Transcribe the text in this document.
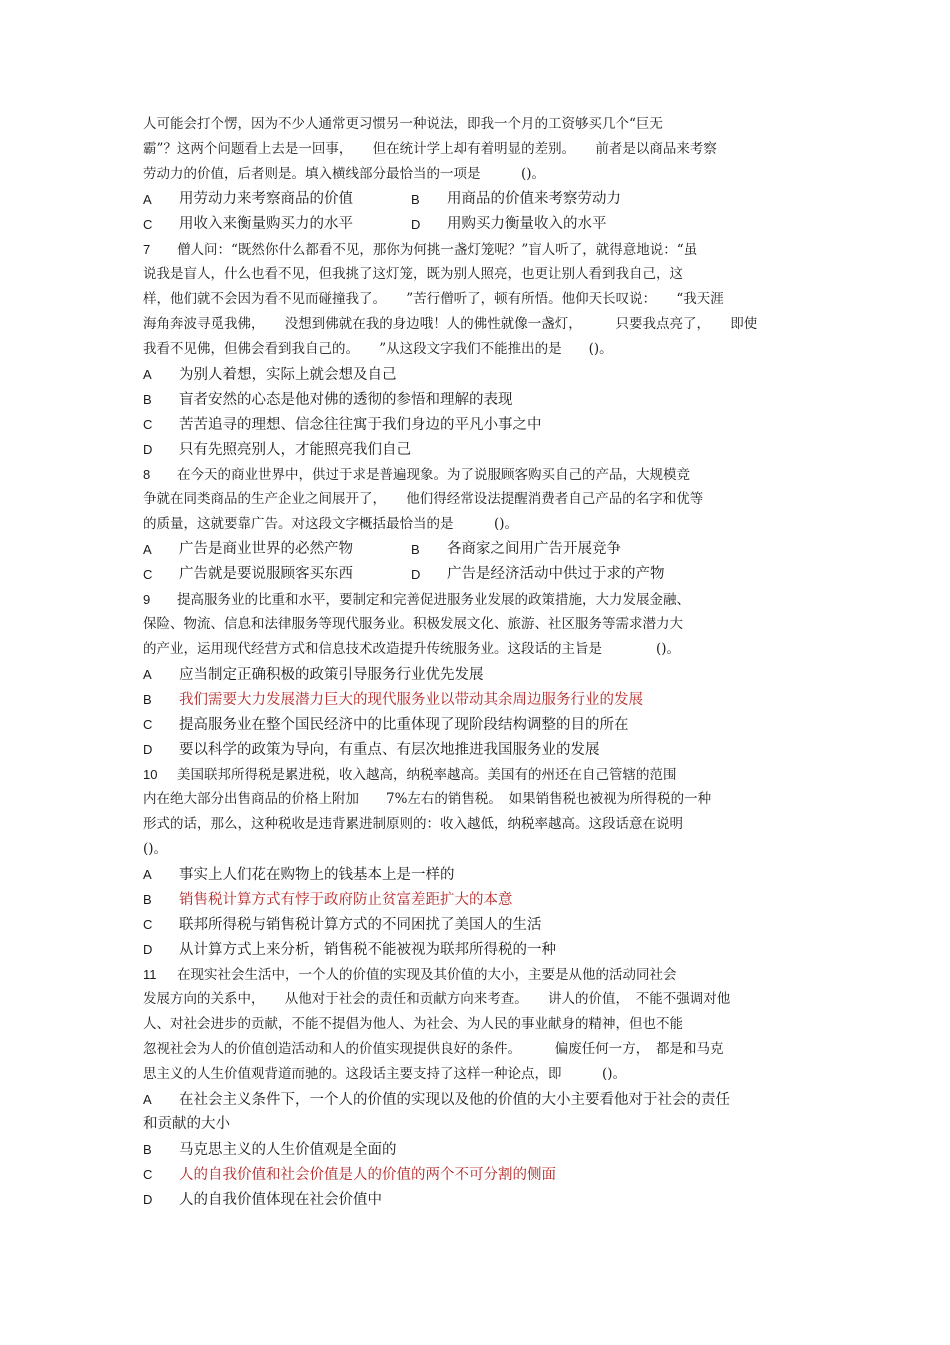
人可能会打个愣，因为不少人通常更习惯另一种说法，即我一个月的工资够买几个“巨无
霸”？这两个问题看上去是一回事，　　但在统计学上却有着明显的差别。　　前者是以商品来考察
劳动力的价值，后者则是。填入横线部分最恰当的一项是　　　()。
A	用劳动力来考察商品的价值	B	用商品的价值来考察劳动力
C	用收入来衡量购买力的水平	D	用购买力衡量收入的水平
7 僧人问：“既然你什么都看不见，那你为何挑一盏灯笼呢？”盲人听了，就得意地说：“虽
说我是盲人，什么也看不见，但我挑了这灯笼，既为别人照亮，也更让别人看到我自己，这
样，他们就不会因为看不见而碰撞我了。　　”苦行僧听了，顿有所悟。他仰天长叹说：　　“我天涯
海角奔波寻觅我佛，　　没想到佛就在我的身边哦！人的佛性就像一盏灯，　　　只要我点亮了，　　即使
我看不见佛，但佛会看到我自己的。　　”从这段文字我们不能推出的是　　()。
A	为别人着想，实际上就会想及自己
B	盲者安然的心态是他对佛的透彻的参悟和理解的表现
C	苦苦追寻的理想、信念往往寓于我们身边的平凡小事之中
D	只有先照亮别人，才能照亮我们自己
8 在今天的商业世界中，供过于求是普遍现象。为了说服顾客购买自己的产品，大规模竞
争就在同类商品的生产企业之间展开了，　　他们得经常设法提醒消费者自己产品的名字和优等
的质量，这就要靠广告。对这段文字概括最恰当的是　　　()。
A	广告是商业世界的必然产物	B	各商家之间用广告开展竞争
C	广告就是要说服顾客买东西	D	广告是经济活动中供过于求的产物
9 提高服务业的比重和水平，要制定和完善促进服务业发展的政策措施，大力发展金融、
保险、物流、信息和法律服务等现代服务业。积极发展文化、旅游、社区服务等需求潜力大
的产业，运用现代经营方式和信息技术改造提升传统服务业。这段话的主旨是　　　　()。
A	应当制定正确积极的政策引导服务行业优先发展
B	我们需要大力发展潜力巨大的现代服务业以带动其余周边服务行业的发展
C	提高服务业在整个国民经济中的比重体现了现阶段结构调整的目的所在
D	要以科学的政策为导向，有重点、有层次地推进我国服务业的发展
10 美国联邦所得税是累进税，收入越高，纳税率越高。美国有的州还在自己管辖的范围
内在绝大部分出售商品的价格上附加　　7%左右的销售税。　如果销售税也被视为所得税的一种
形式的话，那么，这种税收是违背累进制原则的：收入越低，纳税率越高。这段话意在说明
()。
A	事实上人们花在购物上的钱基本上是一样的
B	销售税计算方式有悖于政府防止贫富差距扩大的本意
C	联邦所得税与销售税计算方式的不同困扰了美国人的生活
D	从计算方式上来分析，销售税不能被视为联邦所得税的一种
11 在现实社会生活中，一个人的价值的实现及其价值的大小，主要是从他的活动同社会
发展方向的关系中，　　从他对于社会的责任和贡献方向来考查。　　讲人的价值，　不能不强调对他
人、对社会进步的贡献，不能不提倡为他人、为社会、为人民的事业献身的精神，但也不能
忽视社会为人的价值创造活动和人的价值实现提供良好的条件。　　　偏废任何一方，　都是和马克
思主义的人生价值观背道而驰的。这段话主要支持了这样一种论点，即　　　()。
A	在社会主义条件下，一个人的价值的实现以及他的价值的大小主要看他对于社会的责任
和贡献的大小
B	马克思主义的人生价值观是全面的
C	人的自我价值和社会价值是人的价值的两个不可分割的侧面
D	人的自我价值体现在社会价值中
